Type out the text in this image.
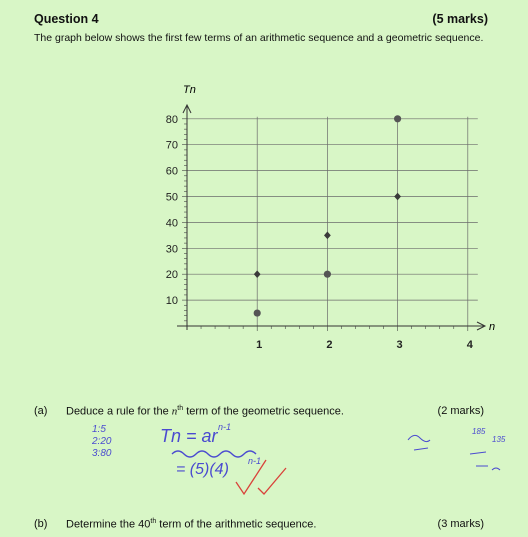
Question 4	(5 marks)
The graph below shows the first few terms of an arithmetic sequence and a geometric sequence.
10
20
30
40
50
60
70
80
1	2	3	4
Tn
n
(a) Deduce a rule for the $n^{th}$ term of the geometric sequence.	(2 marks)
1:5
2:20
3:80
Tn = ar n-1
= (5)(4) n-1
185
135
(b) Determine the 40th term of the arithmetic sequence.	(3 marks)
